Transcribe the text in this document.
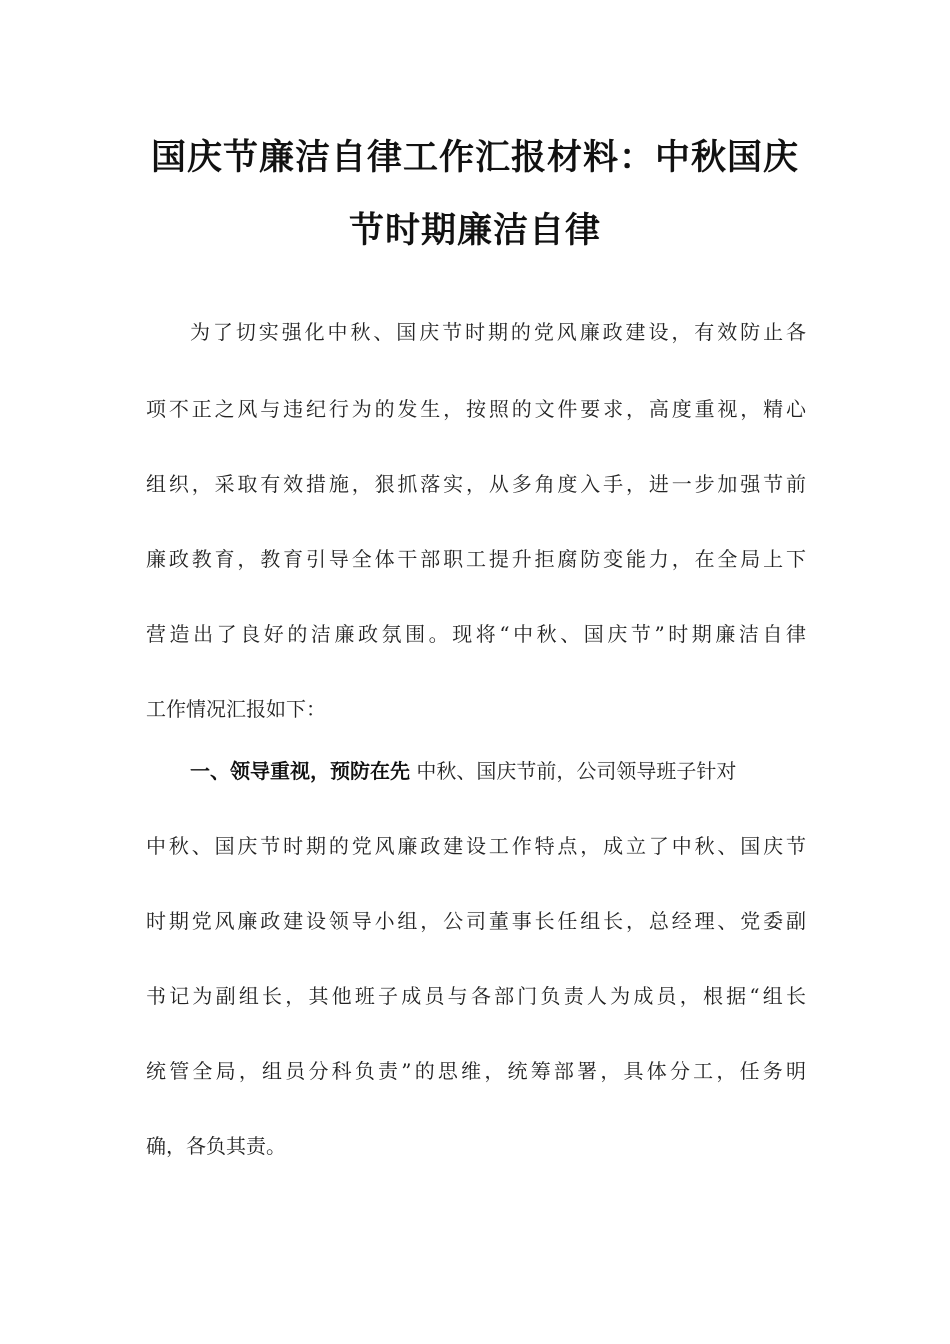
国庆节廉洁自律工作汇报材料：中秋国庆
节时期廉洁自律
为了切实强化中秋、国庆节时期的党风廉政建设，有效防止各
项不正之风与违纪行为的发生，按照的文件要求，高度重视，精心
组织，采取有效措施，狠抓落实，从多角度入手，进一步加强节前
廉政教育，教育引导全体干部职工提升拒腐防变能力，在全局上下
营造出了良好的洁廉政氛围。现将“中秋、国庆节”时期廉洁自律
工作情况汇报如下：
一、领导重视，预防在先 中秋、国庆节前，公司领导班子针对
中秋、国庆节时期的党风廉政建设工作特点，成立了中秋、国庆节
时期党风廉政建设领导小组，公司董事长任组长，总经理、党委副
书记为副组长，其他班子成员与各部门负责人为成员，根据“组长
统管全局，组员分科负责”的思维，统筹部署，具体分工，任务明
确，各负其责。
